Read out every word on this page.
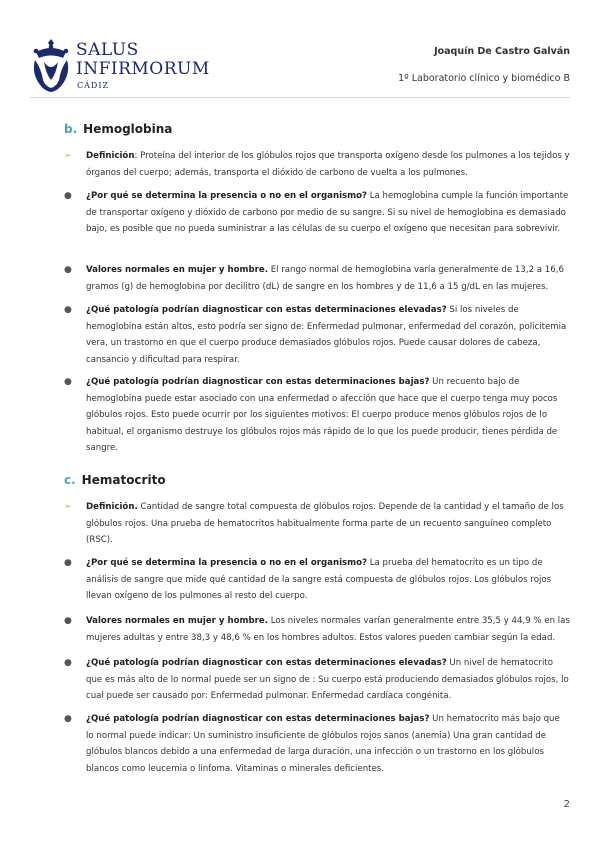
SALUS
INFIRMORUM
CÁDIZ
Joaquín De Castro Galván
1º Laboratorio clínico y biomédico B

b. Hemoglobina

➢	Definición: Proteína del interior de los glóbulos rojos que transporta oxígeno desde los pulmones a los tejidos y órganos del cuerpo; además, transporta el dióxido de carbono de vuelta a los pulmones.
●	¿Por qué se determina la presencia o no en el organismo? La hemoglobina cumple la función importante de transportar oxígeno y dióxido de carbono por medio de su sangre. Si su nivel de hemoglobina es demasiado bajo, es posible que no pueda suministrar a las células de su cuerpo el oxígeno que necesitan para sobrevivir.
●	Valores normales en mujer y hombre. El rango normal de hemoglobina varía generalmente de 13,2 a 16,6 gramos (g) de hemoglobina por decilitro (dL) de sangre en los hombres y de 11,6 a 15 g/dL en las mujeres.
●	¿Qué patología podrían diagnosticar con estas determinaciones elevadas? Si los niveles de hemoglobina están altos, esto podría ser signo de: Enfermedad pulmonar, enfermedad del corazón, policitemia vera, un trastorno en que el cuerpo produce demasiados glóbulos rojos. Puede causar dolores de cabeza, cansancio y dificultad para respirar.
●	¿Qué patología podrían diagnosticar con estas determinaciones bajas? Un recuento bajo de hemoglobina puede estar asociado con una enfermedad o afección que hace que el cuerpo tenga muy pocos glóbulos rojos. Esto puede ocurrir por los siguientes motivos: El cuerpo produce menos glóbulos rojos de lo habitual, el organismo destruye los glóbulos rojos más rápido de lo que los puede producir, tienes pérdida de sangre.

c. Hematocrito

➢	Definición. Cantidad de sangre total compuesta de glóbulos rojos. Depende de la cantidad y el tamaño de los glóbulos rojos. Una prueba de hematocritos habitualmente forma parte de un recuento sanguíneo completo (RSC).
●	¿Por qué se determina la presencia o no en el organismo? La prueba del hematocrito es un tipo de análisis de sangre que mide qué cantidad de la sangre está compuesta de glóbulos rojos. Los glóbulos rojos llevan oxígeno de los pulmones al resto del cuerpo.
●	Valores normales en mujer y hombre. Los niveles normales varían generalmente entre 35,5 y 44,9 % en las mujeres adultas y entre 38,3 y 48,6 % en los hombres adultos. Estos valores pueden cambiar según la edad.
●	¿Qué patología podrían diagnosticar con estas determinaciones elevadas? Un nivel de hematocrito que es más alto de lo normal puede ser un signo de : Su cuerpo está produciendo demasiados glóbulos rojos, lo cual puede ser causado por: Enfermedad pulmonar. Enfermedad cardíaca congénita.
●	¿Qué patología podrían diagnosticar con estas determinaciones bajas? Un hematocrito más bajo que lo normal puede indicar: Un suministro insuficiente de glóbulos rojos sanos (anemia) Una gran cantidad de glóbulos blancos debido a una enfermedad de larga duración, una infección o un trastorno en los glóbulos blancos como leucemia o linfoma. Vitaminas o minerales deficientes.
2
